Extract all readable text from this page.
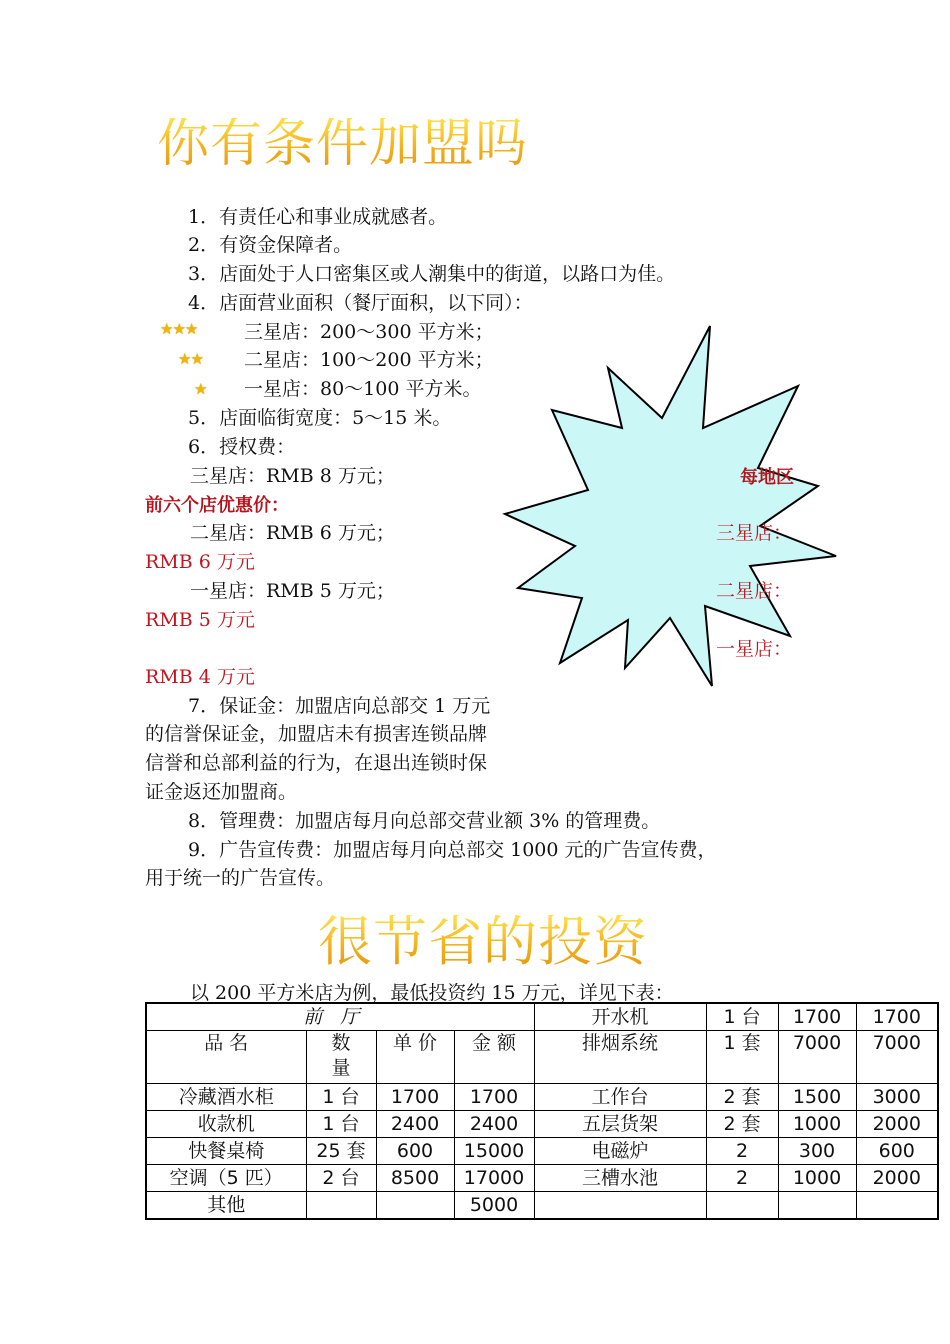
你有条件加盟吗
1．有责任心和事业成就感者。
2．有资金保障者。
3．店面处于人口密集区或人潮集中的街道，以路口为佳。
4．店面营业面积（餐厅面积，以下同）：
★★★ 三星店：200～300 平方米；
★★ 二星店：100～200 平方米；
★ 一星店：80～100 平方米。
5．店面临街宽度：5～15 米。
6．授权费：
三星店：RMB 8 万元；
前六个店优惠价：
二星店：RMB 6 万元；
RMB 6 万元
一星店：RMB 5 万元；
RMB 5 万元
RMB 4 万元
每地区
三星店：
二星店：
一星店：
7．保证金：加盟店向总部交 1 万元
的信誉保证金，加盟店未有损害连锁品牌
信誉和总部利益的行为，在退出连锁时保
证金返还加盟商。
8．管理费：加盟店每月向总部交营业额 3% 的管理费。
9．广告宣传费：加盟店每月向总部交 1000 元的广告宣传费，
用于统一的广告宣传。
很节省的投资
以 200 平方米店为例，最低投资约 15 万元，详见下表：
前厅				开水机	1 台	1700	1700
品 名	数量	单 价	金 额	排烟系统	1 套	7000	7000
冷藏酒水柜	1 台	1700	1700	工作台	2 套	1500	3000
收款机	1 台	2400	2400	五层货架	2 套	1000	2000
快餐桌椅	25 套	600	15000	电磁炉	2	300	600
空调（5 匹）	2 台	8500	17000	三槽水池	2	1000	2000
其他			5000				
